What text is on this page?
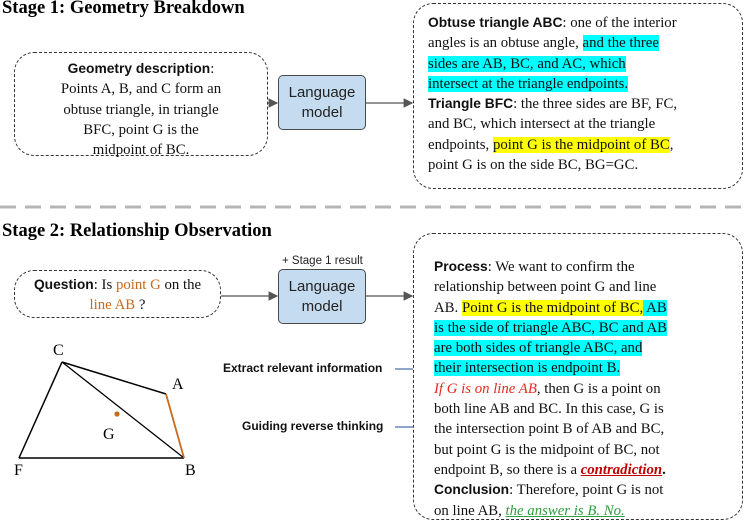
Stage 1: Geometry Breakdown
Geometry description:
Points A, B, and C form an
obtuse triangle, in triangle
BFC, point G is the
midpoint of BC.
Language
model
Obtuse triangle ABC: one of the interior
angles is an obtuse angle, and the three
sides are AB, BC, and AC, which
intersect at the triangle endpoints.
Triangle BFC: the three sides are BF, FC,
and BC, which intersect at the triangle
endpoints, point G is the midpoint of BC,
point G is on the side BC, BG=GC.
Stage 2: Relationship Observation
Question: Is point G on the
line AB ?
+ Stage 1 result
Language
model
C
A
G
F	B
Extract relevant information
Guiding reverse thinking
Process: We want to confirm the
relationship between point G and line
AB. Point G is the midpoint of BC, AB
is the side of triangle ABC, BC and AB
are both sides of triangle ABC, and
their intersection is endpoint B.
If G is on line AB, then G is a point on
both line AB and BC. In this case, G is
the intersection point B of AB and BC,
but point G is the midpoint of BC, not
endpoint B, so there is a contradiction.
Conclusion: Therefore, point G is not
on line AB, the answer is B. No.
